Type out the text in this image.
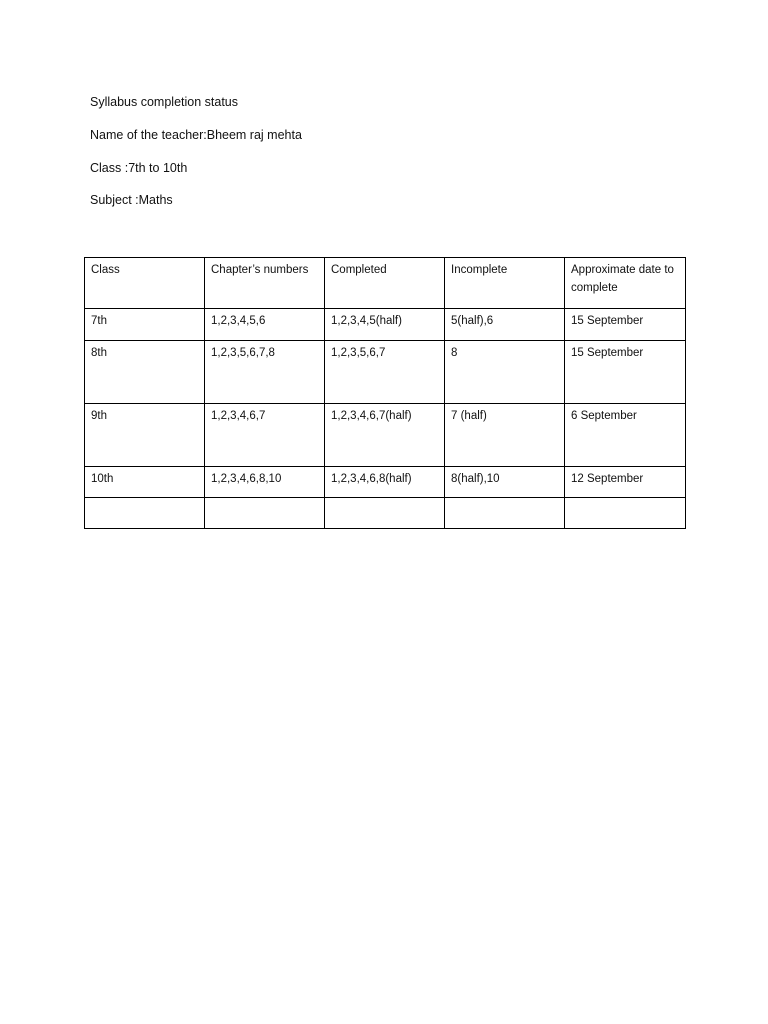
Syllabus completion status
Name of the teacher:Bheem raj mehta
Class :7th to 10th
Subject :Maths
Class	Chapter’s numbers	Completed	Incomplete	Approximate date to complete
7th	1,2,3,4,5,6	1,2,3,4,5(half)	5(half),6	15 September
8th	1,2,3,5,6,7,8	1,2,3,5,6,7	8	15 September
9th	1,2,3,4,6,7	1,2,3,4,6,7(half)	7 (half)	6 September
10th	1,2,3,4,6,8,10	1,2,3,4,6,8(half)	8(half),10	12 September
